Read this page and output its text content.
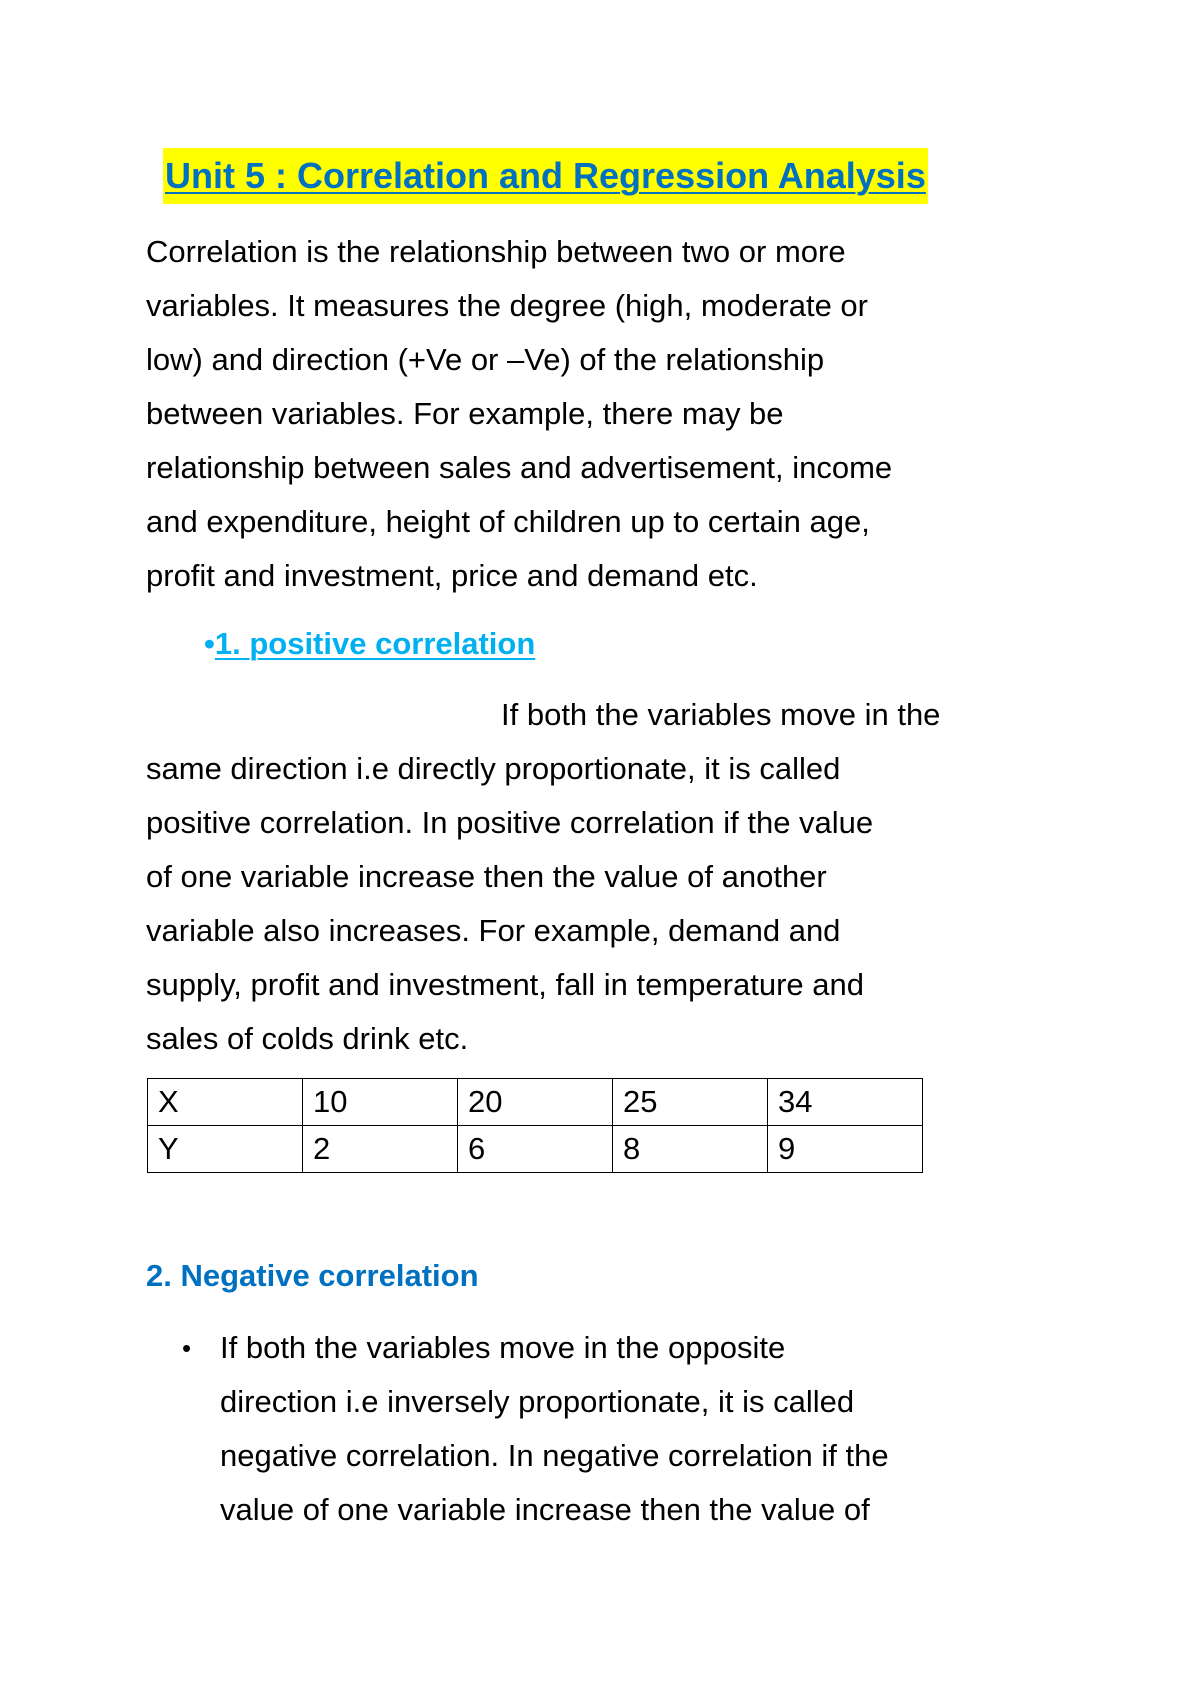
Unit 5 : Correlation and Regression Analysis
Correlation is the relationship between two or more
variables. It measures the degree (high, moderate or
low) and direction (+Ve or –Ve) of the relationship
between variables. For example, there may be
relationship between sales and advertisement, income
and expenditure, height of children up to certain age,
profit and investment, price and demand etc.
•1. positive correlation
If both the variables move in the
same direction i.e directly proportionate, it is called
positive correlation. In positive correlation if the value
of one variable increase then the value of another
variable also increases. For example, demand and
supply, profit and investment, fall in temperature and
sales of colds drink etc.
X	10	20	25	34
Y	2	6	8	9
2. Negative correlation
• If both the variables move in the opposite
direction i.e inversely proportionate, it is called
negative correlation. In negative correlation if the
value of one variable increase then the value of
